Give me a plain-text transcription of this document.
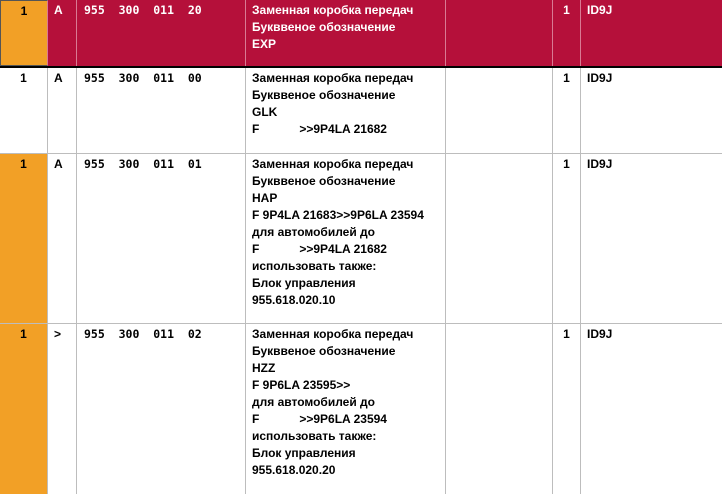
1	A	955  300  011  20	Заменная коробка передач
Букввеное обозначение
EXP
1	ID9J
1	A	955  300  011  00	Заменная коробка передач
Букввеное обозначение
GLK
F            >>9P4LA 21682
1	ID9J
1	A	955  300  011  01	Заменная коробка передач
Букввеное обозначение
HAP
F 9P4LA 21683>>9P6LA 23594
для автомобилей до
F            >>9P4LA 21682
использовать также:
Блок управления
955.618.020.10
1	ID9J
1	>	955  300  011  02	Заменная коробка передач
Букввеное обозначение
HZZ
F 9P6LA 23595>>
для автомобилей до
F            >>9P6LA 23594
использовать также:
Блок управления
955.618.020.20
1	ID9J
